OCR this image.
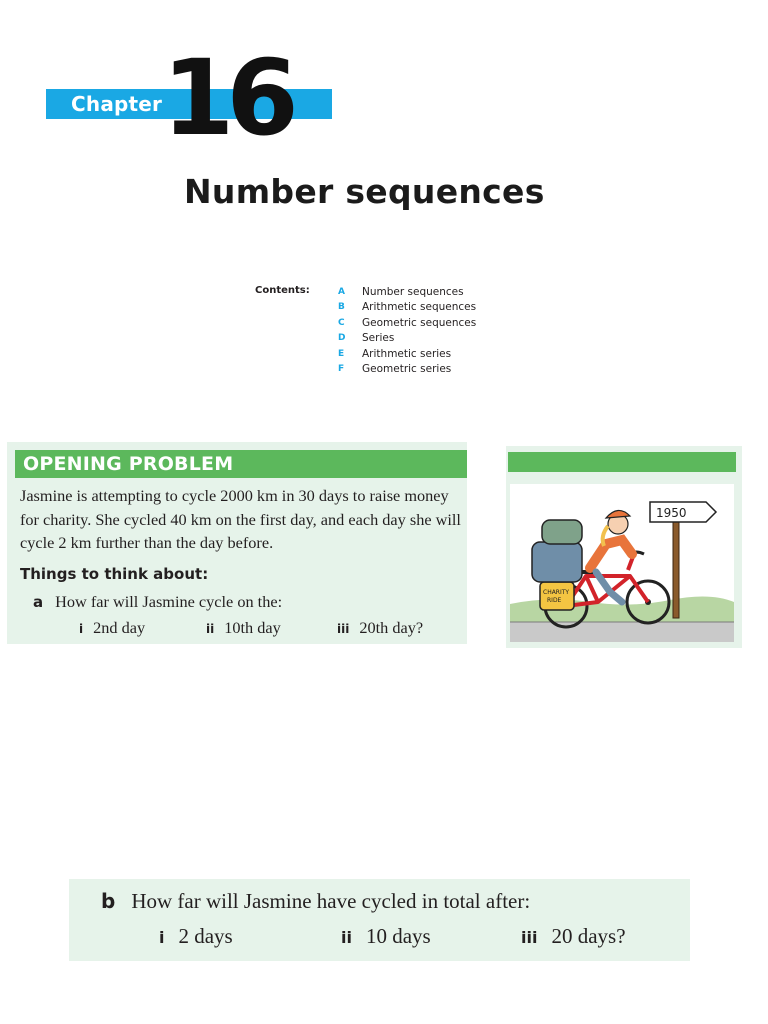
Chapter 16
Number sequences
Contents:	A	Number sequences
B	Arithmetic sequences
C	Geometric sequences
D	Series
E	Arithmetic series
F	Geometric series
OPENING PROBLEM

Jasmine is attempting to cycle 2000 km in 30 days to raise money for charity. She cycled 40 km on the first day, and each day she will cycle 2 km further than the day before.

Things to think about:
a How far will Jasmine cycle on the:
i 2nd day	ii 10th day	iii 20th day?
1950
CHARITY
RIDE
b How far will Jasmine have cycled in total after:
i 2 days	ii 10 days	iii 20 days?
